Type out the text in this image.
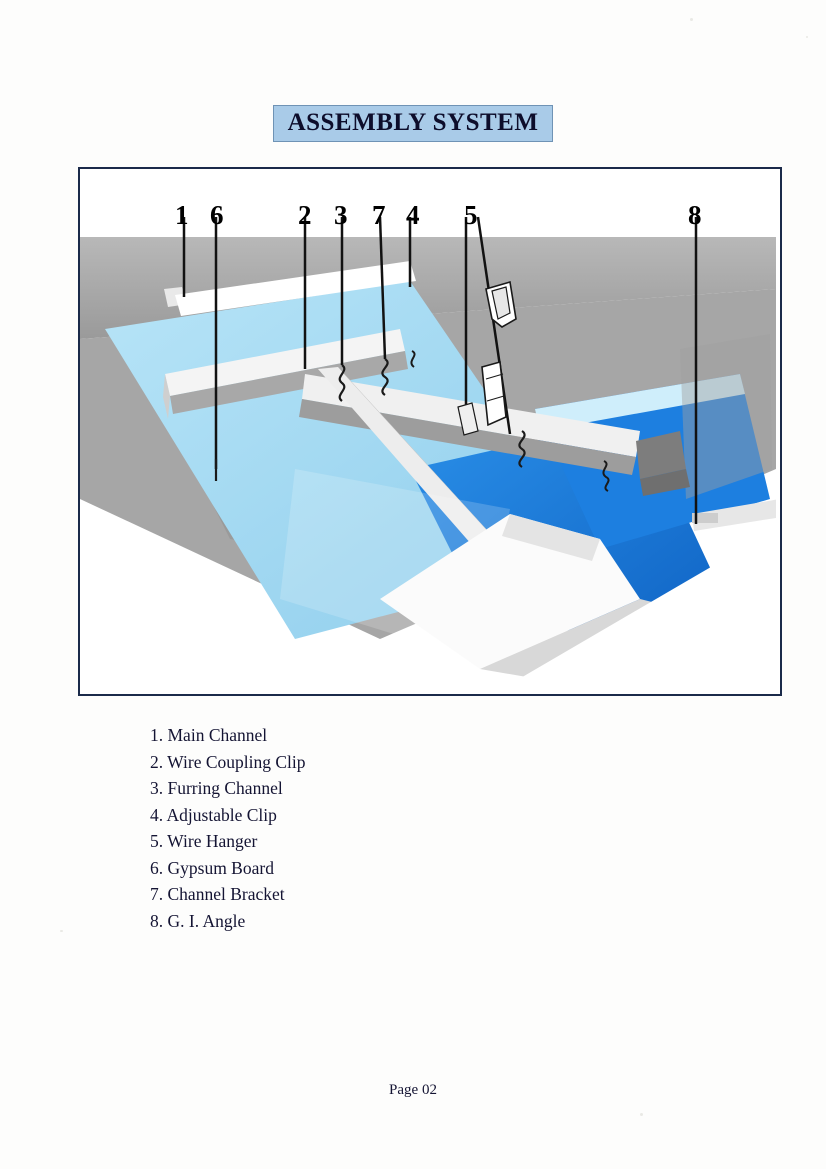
ASSEMBLY SYSTEM
1 6	2 3 7 4 5	8
1. Main Channel
2. Wire Coupling Clip
3. Furring Channel
4. Adjustable Clip
5. Wire Hanger
6. Gypsum Board
7. Channel Bracket
8. G. I. Angle
Page 02
